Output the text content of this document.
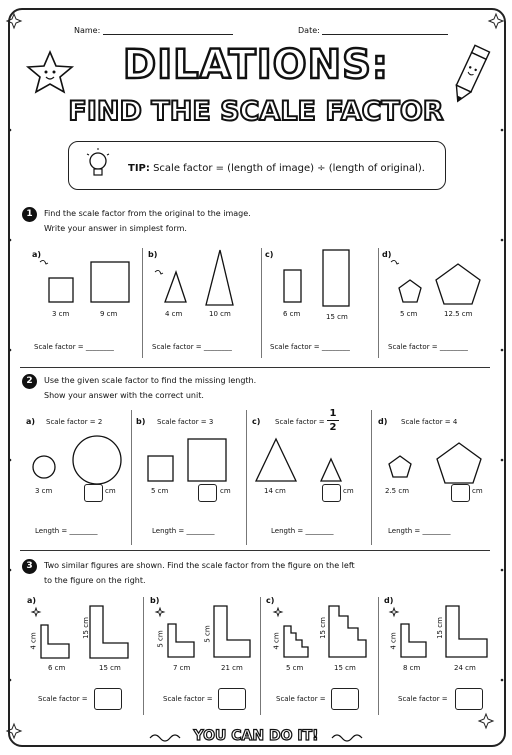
Name:	Date:
DILATIONS:
FIND THE SCALE FACTOR
TIP: Scale factor = (length of image) ÷ (length of original).
1	Find the scale factor from the original to the image.
Write your answer in simplest form.
a)	b)	c)	d)
3 cm	9 cm	4 cm	10 cm	6 cm	15 cm	5 cm	12.5 cm
Scale factor = ________	Scale factor = ________	Scale factor = ________	Scale factor = ________
2	Use the given scale factor to find the missing length.
Show your answer with the correct unit.
a) Scale factor = 2	b) Scale factor = 3	c) Scale factor =
1
2
d) Scale factor = 4
3 cm	cm	5 cm	cm	14 cm	cm	2.5 cm	cm
Length = ________	Length = ________	Length = ________	Length = ________
3	Two similar figures are shown. Find the scale factor from the figure on the left
to the figure on the right.
a)	b)	c)	d)
4 cm
15 cm
6 cm	15 cm
5 cm	5 cm
7 cm	21 cm
4 cm
15 cm
5 cm	15 cm
4 cm
15 cm
8 cm	24 cm
Scale factor =	Scale factor =	Scale factor =	Scale factor =
YOU CAN DO IT!
